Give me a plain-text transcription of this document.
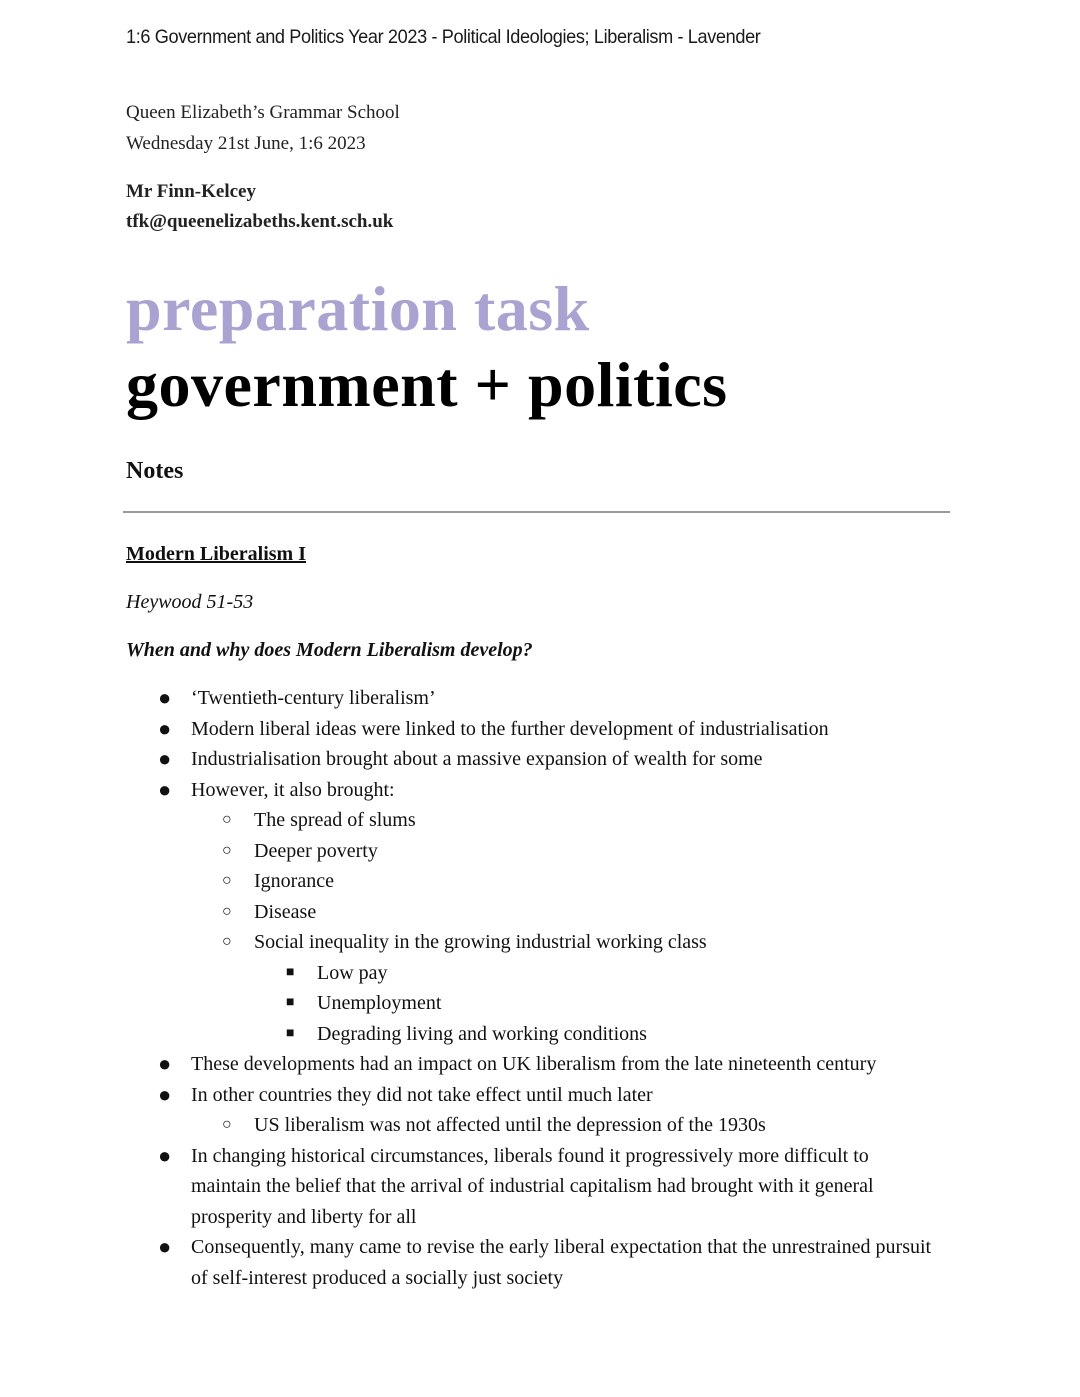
1:6 Government and Politics Year 2023 - Political Ideologies; Liberalism - Lavender
Queen Elizabeth’s Grammar School
Wednesday 21st June, 1:6 2023
Mr Finn-Kelcey
tfk@queenelizabeths.kent.sch.uk
preparation task
government + politics
Notes
Modern Liberalism I
Heywood 51-53
When and why does Modern Liberalism develop?
● ‘Twentieth-century liberalism’
● Modern liberal ideas were linked to the further development of industrialisation
● Industrialisation brought about a massive expansion of wealth for some
● However, it also brought:
○ The spread of slums
○ Deeper poverty
○ Ignorance
○ Disease
○ Social inequality in the growing industrial working class
■ Low pay
■ Unemployment
■ Degrading living and working conditions
● These developments had an impact on UK liberalism from the late nineteenth century
● In other countries they did not take effect until much later
○ US liberalism was not affected until the depression of the 1930s
● In changing historical circumstances, liberals found it progressively more difficult to maintain the belief that the arrival of industrial capitalism had brought with it general prosperity and liberty for all
● Consequently, many came to revise the early liberal expectation that the unrestrained pursuit of self-interest produced a socially just society
